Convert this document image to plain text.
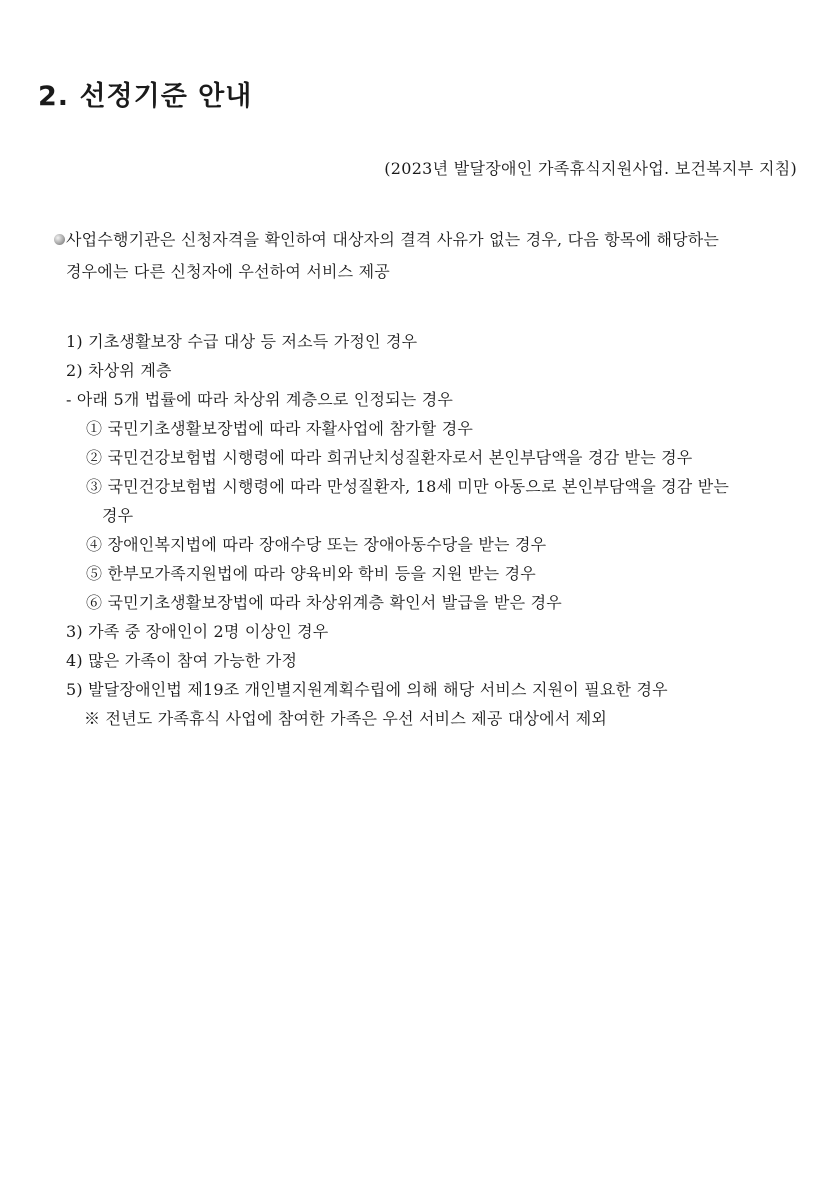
2. 선정기준 안내
(2023년 발달장애인 가족휴식지원사업. 보건복지부 지침)
사업수행기관은 신청자격을 확인하여 대상자의 결격 사유가 없는 경우, 다음 항목에 해당하는
경우에는 다른 신청자에 우선하여 서비스 제공
1) 기초생활보장 수급 대상 등 저소득 가정인 경우
2) 차상위 계층
- 아래 5개 법률에 따라 차상위 계층으로 인정되는 경우
① 국민기초생활보장법에 따라 자활사업에 참가할 경우
② 국민건강보험법 시행령에 따라 희귀난치성질환자로서 본인부담액을 경감 받는 경우
③ 국민건강보험법 시행령에 따라 만성질환자, 18세 미만 아동으로 본인부담액을 경감 받는
경우
④ 장애인복지법에 따라 장애수당 또는 장애아동수당을 받는 경우
⑤ 한부모가족지원법에 따라 양육비와 학비 등을 지원 받는 경우
⑥ 국민기초생활보장법에 따라 차상위계층 확인서 발급을 받은 경우
3) 가족 중 장애인이 2명 이상인 경우
4) 많은 가족이 참여 가능한 가정
5) 발달장애인법 제19조 개인별지원계획수립에 의해 해당 서비스 지원이 필요한 경우
※ 전년도 가족휴식 사업에 참여한 가족은 우선 서비스 제공 대상에서 제외
